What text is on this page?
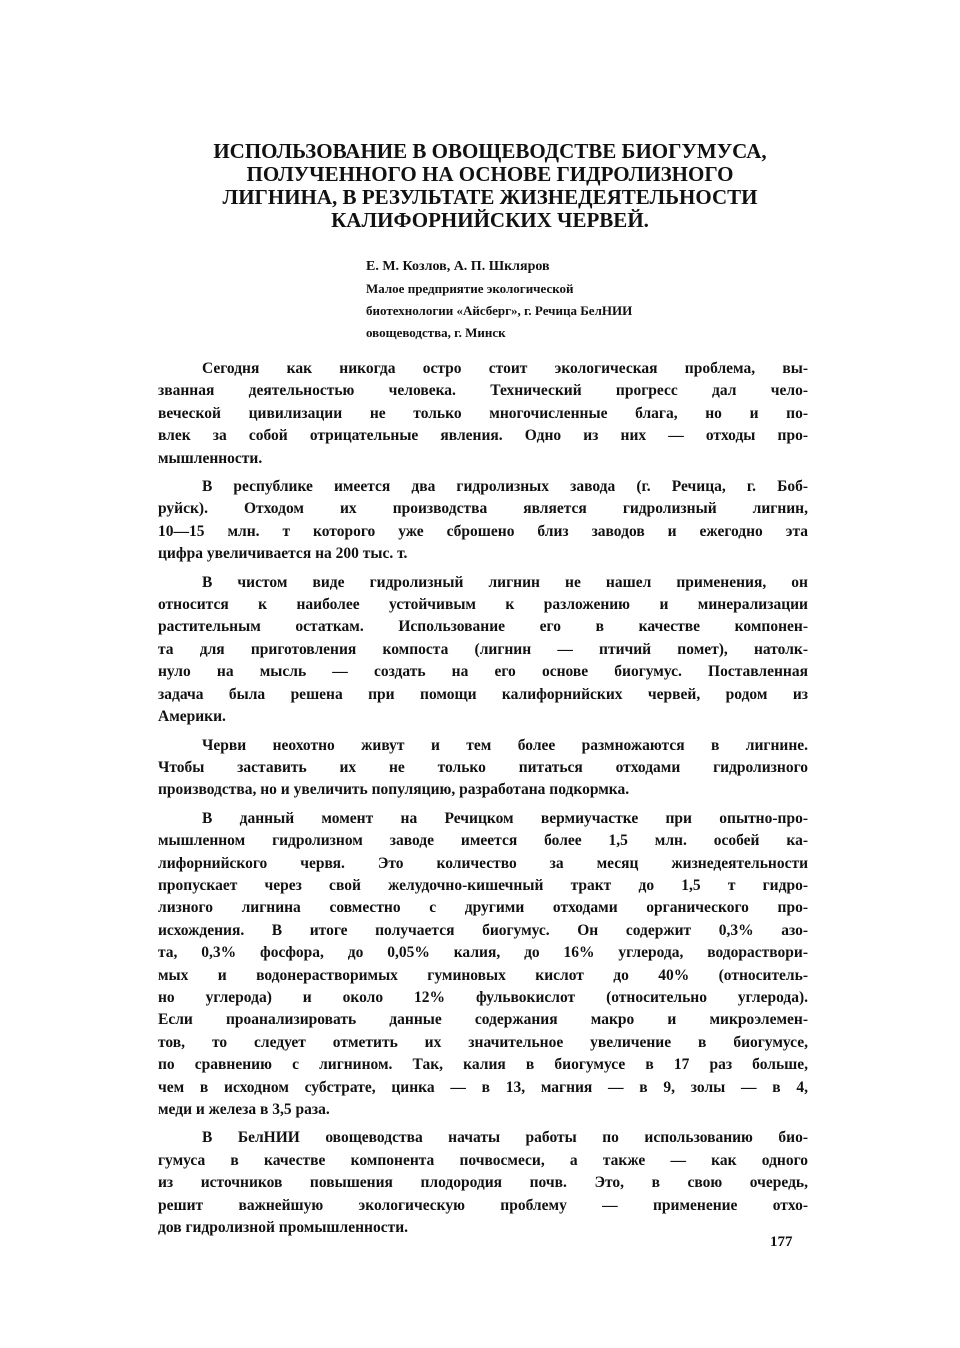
ИСПОЛЬЗОВАНИЕ В ОВОЩЕВОДСТВЕ БИОГУМУСА,
ПОЛУЧЕННОГО НА ОСНОВЕ ГИДРОЛИЗНОГО
ЛИГНИНА, В РЕЗУЛЬТАТЕ ЖИЗНЕДЕЯТЕЛЬНОСТИ
КАЛИФОРНИЙСКИХ ЧЕРВЕЙ.
Е. М. Козлов, А. П. Шкляров
Малое предприятие экологической
биотехнологии «Айсберг», г. Речица БелНИИ
овощеводства, г. Минск

Сегодня как никогда остро стоит экологическая проблема, вы-
званная деятельностью человека. Технический прогресс дал чело-
веческой цивилизации не только многочисленные блага, но и по-
влек за собой отрицательные явления. Одно из них — отходы про-
мышленности.

В республике имеется два гидролизных завода (г. Речица, г. Боб-
руйск). Отходом их производства является гидролизный лигнин,
10—15 млн. т которого уже сброшено близ заводов и ежегодно эта
цифра увеличивается на 200 тыс. т.

В чистом виде гидролизный лигнин не нашел применения, он
относится к наиболее устойчивым к разложению и минерализации
растительным остаткам. Использование его в качестве компонен-
та для приготовления компоста (лигнин — птичий помет), натолк-
нуло на мысль — создать на его основе биогумус. Поставленная
задача была решена при помощи калифорнийских червей, родом из
Америки.

Черви неохотно живут и тем более размножаются в лигнине.
Чтобы заставить их не только питаться отходами гидролизного
производства, но и увеличить популяцию, разработана подкормка.

В данный момент на Речицком вермиучастке при опытно-про-
мышленном гидролизном заводе имеется более 1,5 млн. особей ка-
лифорнийского червя. Это количество за месяц жизнедеятельности
пропускает через свой желудочно-кишечный тракт до 1,5 т гидро-
лизного лигнина совместно с другими отходами органического про-
исхождения. В итоге получается биогумус. Он содержит 0,3% азо-
та, 0,3% фосфора, до 0,05% калия, до 16% углерода, водораствори-
мых и водонерастворимых гуминовых кислот до 40% (относитель-
но углерода) и около 12% фульвокислот (относительно углерода).
Если проанализировать данные содержания макро и микроэлемен-
тов, то следует отметить их значительное увеличение в биогумусе,
по сравнению с лигнином. Так, калия в биогумусе в 17 раз больше,
чем в исходном субстрате, цинка — в 13, магния — в 9, золы — в 4,
меди и железа в 3,5 раза.

В БелНИИ овощеводства начаты работы по использованию био-
гумуса в качестве компонента почвосмеси, а также — как одного
из источников повышения плодородия почв. Это, в свою очередь,
решит важнейшую экологическую проблему — применение отхо-
дов гидролизной промышленности.

177
